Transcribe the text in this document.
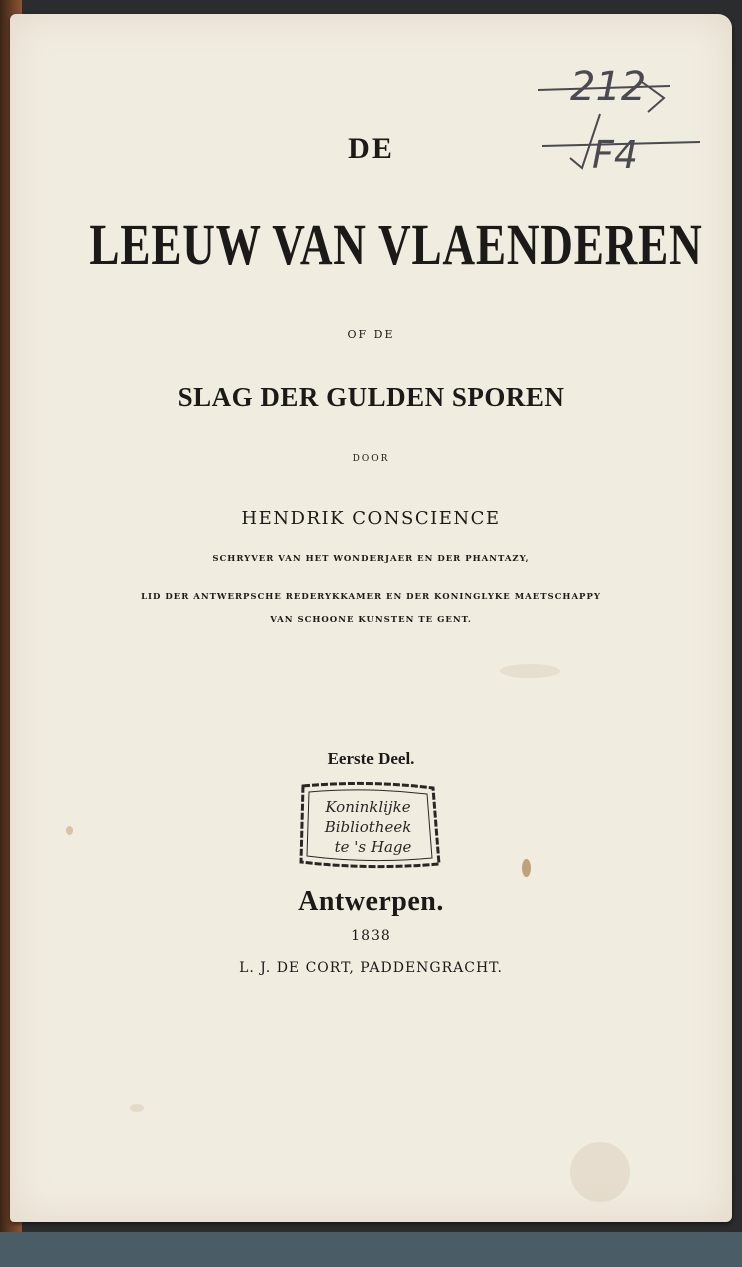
212
F4
DE
LEEUW VAN VLAENDEREN
OF DE
SLAG DER GULDEN SPOREN
DOOR
HENDRIK CONSCIENCE
SCHRYVER VAN HET WONDERJAER EN DER PHANTAZY,
LID DER ANTWERPSCHE REDERYKKAMER EN DER KONINGLYKE MAETSCHAPPY
VAN SCHOONE KUNSTEN TE GENT.
Eerste Deel.
Koninklijke
Bibliotheek
te 's Hage
Antwerpen.
1838
L. J. DE CORT, PADDENGRACHT.
